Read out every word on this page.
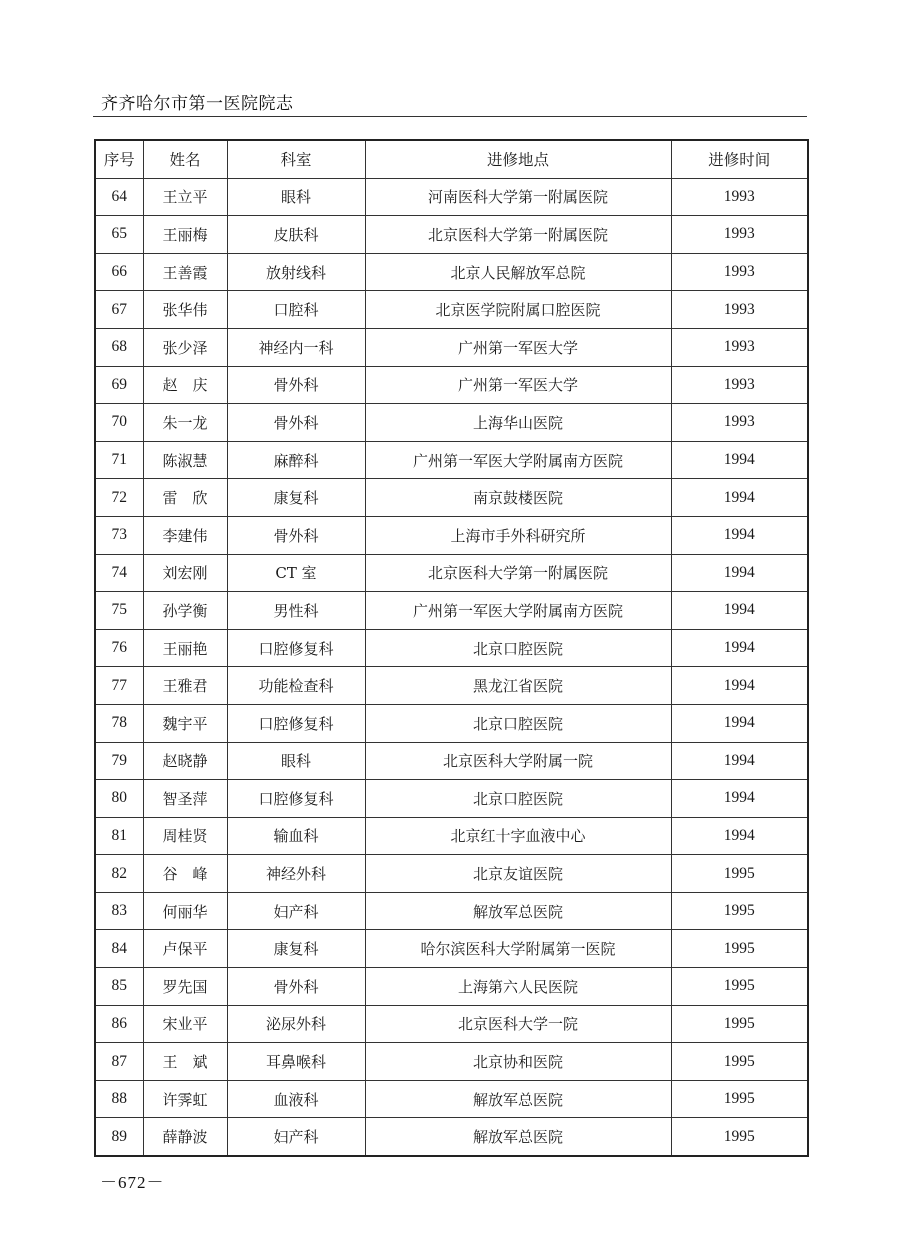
齐齐哈尔市第一医院院志
序号	姓名	科室	进修地点	进修时间
64	王立平	眼科	河南医科大学第一附属医院	1993
65	王丽梅	皮肤科	北京医科大学第一附属医院	1993
66	王善霞	放射线科	北京人民解放军总院	1993
67	张华伟	口腔科	北京医学院附属口腔医院	1993
68	张少泽	神经内一科	广州第一军医大学	1993
69	赵　庆	骨外科	广州第一军医大学	1993
70	朱一龙	骨外科	上海华山医院	1993
71	陈淑慧	麻醉科	广州第一军医大学附属南方医院	1994
72	雷　欣	康复科	南京鼓楼医院	1994
73	李建伟	骨外科	上海市手外科研究所	1994
74	刘宏刚	CT 室	北京医科大学第一附属医院	1994
75	孙学衡	男性科	广州第一军医大学附属南方医院	1994
76	王丽艳	口腔修复科	北京口腔医院	1994
77	王雅君	功能检查科	黑龙江省医院	1994
78	魏宇平	口腔修复科	北京口腔医院	1994
79	赵晓静	眼科	北京医科大学附属一院	1994
80	智圣萍	口腔修复科	北京口腔医院	1994
81	周桂贤	输血科	北京红十字血液中心	1994
82	谷　峰	神经外科	北京友谊医院	1995
83	何丽华	妇产科	解放军总医院	1995
84	卢保平	康复科	哈尔滨医科大学附属第一医院	1995
85	罗先国	骨外科	上海第六人民医院	1995
86	宋业平	泌尿外科	北京医科大学一院	1995
87	王　斌	耳鼻喉科	北京协和医院	1995
88	许霁虹	血液科	解放军总医院	1995
89	薛静波	妇产科	解放军总医院	1995
－672－
